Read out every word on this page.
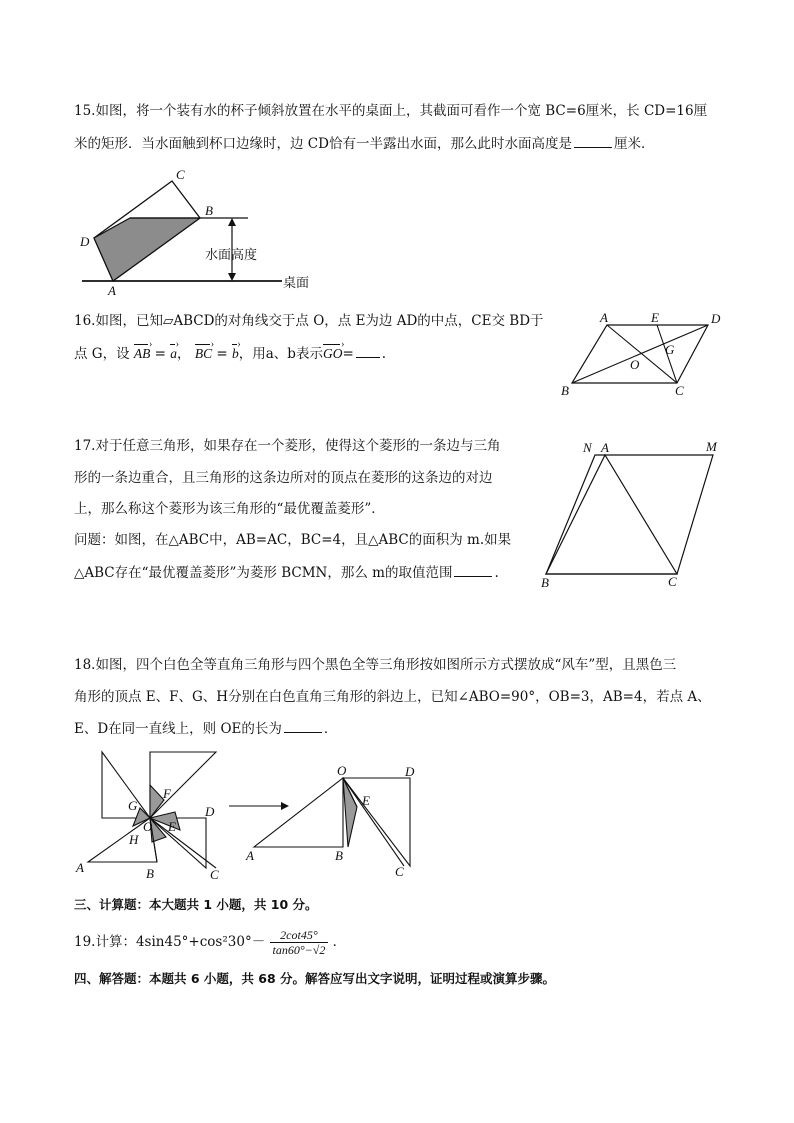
15.如图，将一个装有水的杯子倾斜放置在水平的桌面上，其截面可看作一个宽 BC=6厘米，长 CD=16厘
米的矩形．当水面触到杯口边缘时，边 CD恰有一半露出水面，那么此时水面高度是	厘米．
C
B
D
A
水面高度
桌面
16.如图，已知▱ABCD的对角线交于点 O，点 E为边 AD的中点，CE交 BD于
点 G，设 AB › = a ›， BC › = b ›，用a、b表示GO ›= .
A	E	D
G
O
B	C
17.对于任意三角形，如果存在一个菱形，使得这个菱形的一条边与三角
形的一条边重合，且三角形的这条边所对的顶点在菱形的这条边的对边
上，那么称这个菱形为该三角形的“最优覆盖菱形”．
问题：如图，在△ABC中，AB=AC，BC=4，且△ABC的面积为 m.如果
△ABC存在“最优覆盖菱形”为菱形 BCMN，那么 m的取值范围	.
N A	M
B	C
18.如图，四个白色全等直角三角形与四个黑色全等三角形按如图所示方式摆放成“风车”型，且黑色三
角形的顶点 E、F、G、H分别在白色直角三角形的斜边上，已知∠ABO=90°，OB=3，AB=4，若点 A、
E、D在同一直线上，则 OE的长为	．
G
F
D
O E
H
A	B	C
O	D
E
A	B
C
三、计算题：本大题共 1 小题，共 10 分。
19.计算：$4\sin 45^\circ+\cos^230^\circ- \frac{2\cot 45^\circ}{\tan 60^\circ-√2}$ ．
四、解答题：本题共 6 小题，共 68 分。解答应写出文字说明，证明过程或演算步骤。
